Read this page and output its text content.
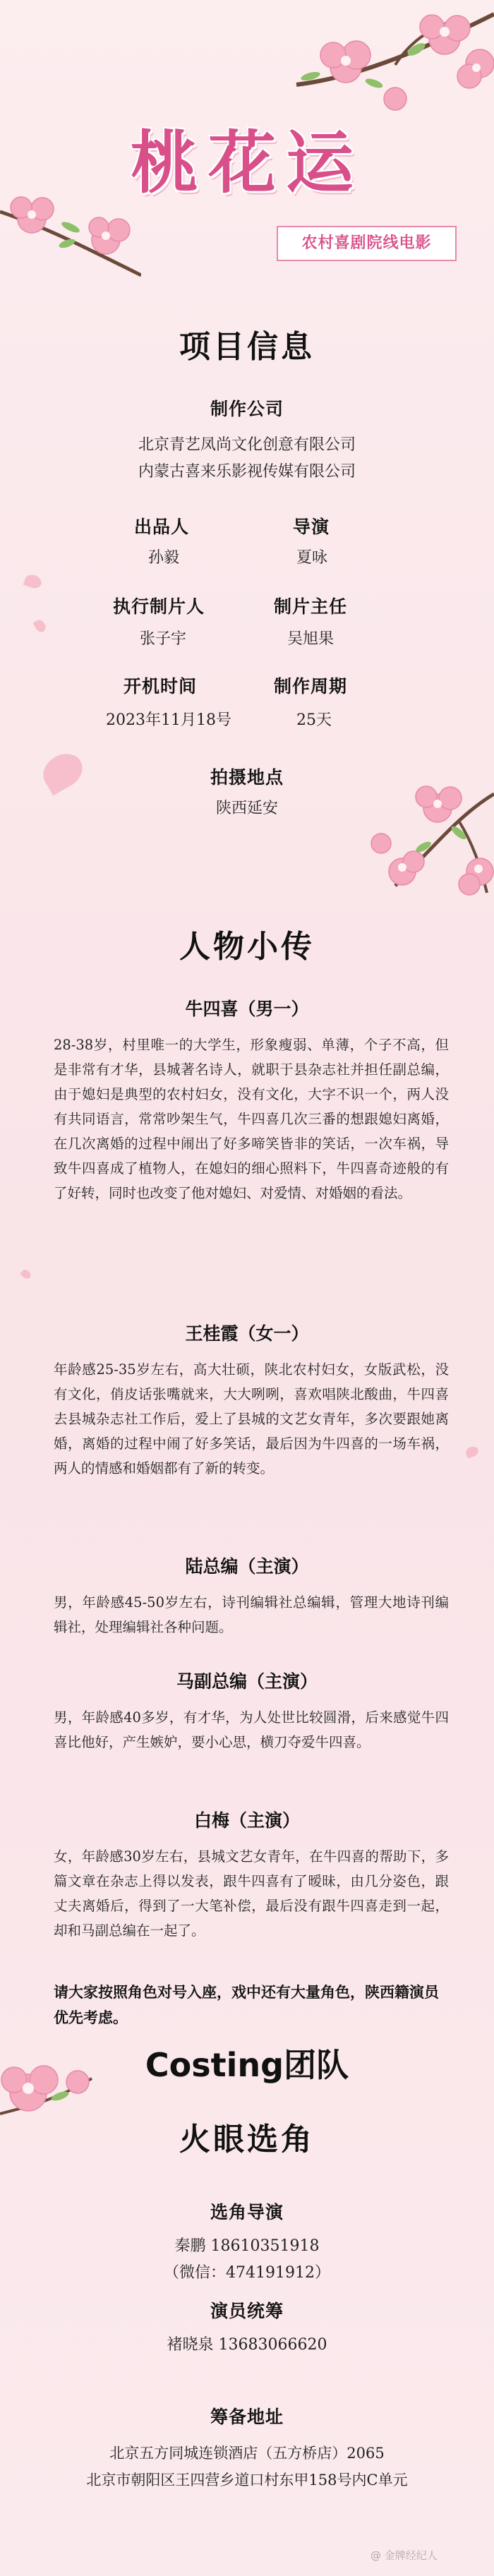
桃花运
农村喜剧院线电影
项目信息
制作公司
北京青艺凤尚文化创意有限公司
内蒙古喜来乐影视传媒有限公司
出品人
孙毅
导演
夏咏
执行制片人
张子宇
制片主任
吴旭果
开机时间
2023年11月18号
制作周期
25天
拍摄地点
陕西延安
人物小传
牛四喜（男一）
28-38岁，村里唯一的大学生，形象瘦弱、单薄，个子不高，但是非常有才华，县城著名诗人，就职于县杂志社并担任副总编，由于媳妇是典型的农村妇女，没有文化，大字不识一个，两人没有共同语言，常常吵架生气，牛四喜几次三番的想跟媳妇离婚，在几次离婚的过程中闹出了好多啼笑皆非的笑话，一次车祸，导致牛四喜成了植物人，在媳妇的细心照料下，牛四喜奇迹般的有了好转，同时也改变了他对媳妇、对爱情、对婚姻的看法。
王桂霞（女一）
年龄感25-35岁左右，高大壮硕，陕北农村妇女，女版武松，没有文化，俏皮话张嘴就来，大大咧咧，喜欢唱陕北酸曲，牛四喜去县城杂志社工作后，爱上了县城的文艺女青年，多次要跟她离婚，离婚的过程中闹了好多笑话，最后因为牛四喜的一场车祸，两人的情感和婚姻都有了新的转变。
陆总编（主演）
男，年龄感45-50岁左右，诗刊编辑社总编辑，管理大地诗刊编辑社，处理编辑社各种问题。
马副总编（主演）
男，年龄感40多岁，有才华，为人处世比较圆滑，后来感觉牛四喜比他好，产生嫉妒，要小心思，横刀夺爱牛四喜。
白梅（主演）
女，年龄感30岁左右，县城文艺女青年，在牛四喜的帮助下，多篇文章在杂志上得以发表，跟牛四喜有了暧昧，由几分姿色，跟丈夫离婚后，得到了一大笔补偿，最后没有跟牛四喜走到一起，却和马副总编在一起了。
请大家按照角色对号入座，戏中还有大量角色，陕西籍演员优先考虑。
Costing团队
火眼选角
选角导演
秦鹏 18610351918
（微信：474191912）
演员统筹
褚晓泉 13683066620
筹备地址
北京五方同城连锁酒店（五方桥店）2065
北京市朝阳区王四营乡道口村东甲158号内C单元
@ 金牌经纪人
